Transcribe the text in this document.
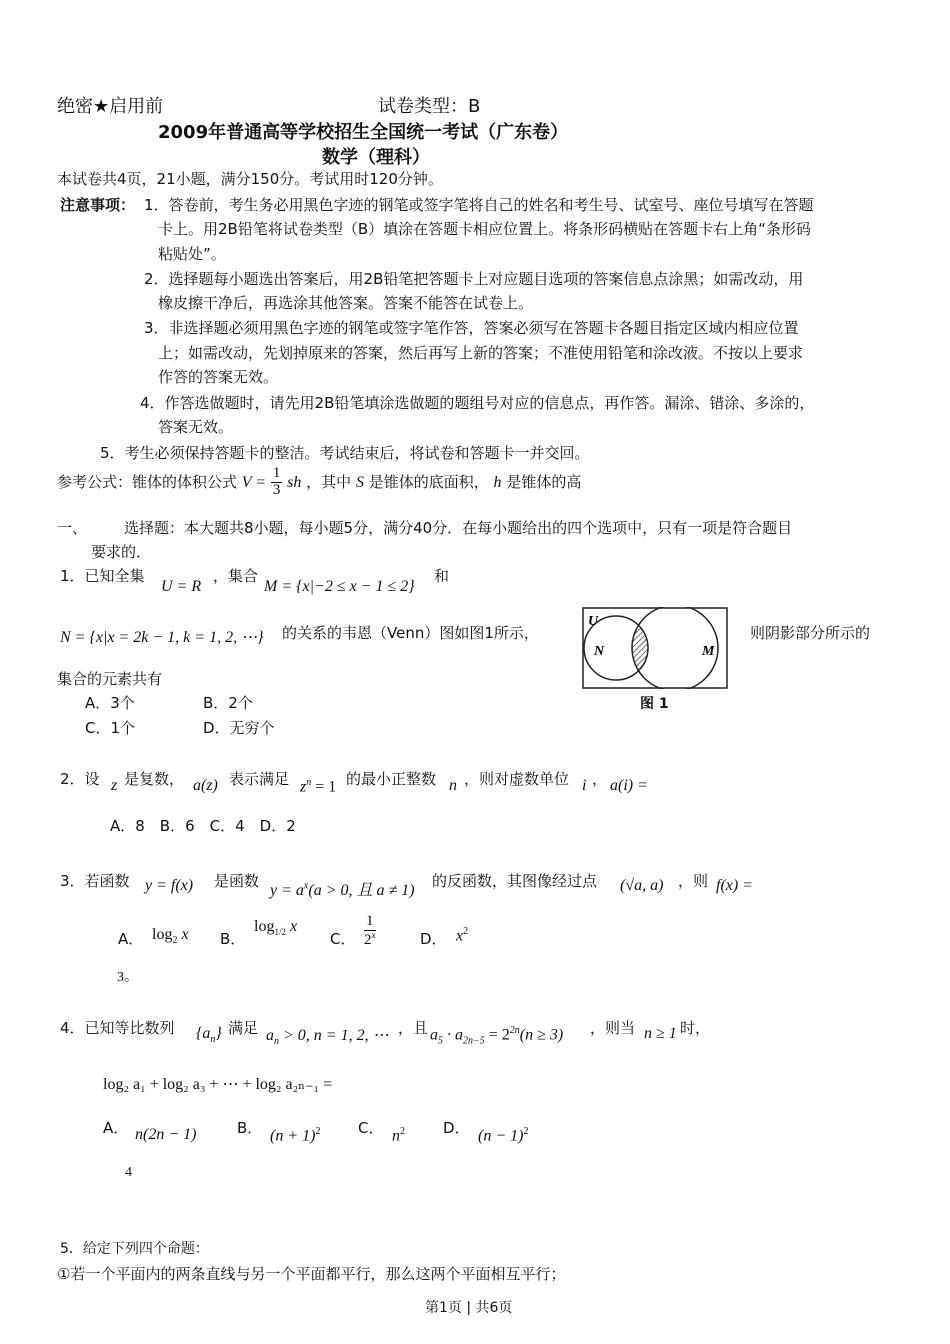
绝密★启用前	试卷类型：B
2009年普通高等学校招生全国统一考试（广东卷）
数学（理科）
本试卷共4页，21小题，满分150分。考试用时120分钟。
注意事项： 1．答卷前，考生务必用黑色字迹的钢笔或签字笔将自己的姓名和考生号、试室号、座位号填写在答题
卡上。用2B铅笔将试卷类型（B）填涂在答题卡相应位置上。将条形码横贴在答题卡右上角“条形码
粘贴处”。
2．选择题每小题选出答案后，用2B铅笔把答题卡上对应题目选项的答案信息点涂黑；如需改动，用
橡皮擦干净后，再选涂其他答案。答案不能答在试卷上。
3．非选择题必须用黑色字迹的钢笔或签字笔作答，答案必须写在答题卡各题目指定区域内相应位置
上；如需改动，先划掉原来的答案，然后再写上新的答案；不准使用铅笔和涂改液。不按以上要求
作答的答案无效。
4．作答选做题时，请先用2B铅笔填涂选做题的题组号对应的信息点，再作答。漏涂、错涂、多涂的，
答案无效。
5．考生必须保持答题卡的整洁。考试结束后，将试卷和答题卡一并交回。
参考公式：锥体的体积公式 $V = \frac{1}{3}$ sh ，其中 S 是锥体的底面积， h 是锥体的高
一、 选择题：本大题共8小题，每小题5分，满分40分．在每小题给出的四个选项中，只有一项是符合题目
要求的．
1．已知全集
U = R
，集合
M = {x|−2 ≤ x − 1 ≤ 2}
和
N = {x|x = 2k − 1, k = 1, 2, ⋯} 的关系的韦恩（Venn）图如图1所示，	则阴影部分所示的
集合的元素共有
A．3个	B．2个
C．1个	D．无穷个
U
N	M
图 1
2．设 z 是复数， a(z) 表示满足 $z^n = 1$ 的最小正整数 n ，则对虚数单位 i ， a(i) =
A．8　B．6　C．4　D．2
3．若函数 y = f(x) 是函数
$y = a^x(a > 0$, 且 a ≠ 1)
的反函数，其图像经过点 (√a, a) ，则 f(x) =
A． $\log_2 x$ B．
$\log_{1/2} x$
C． $\frac{1}{2^x}$	D． $x^2$
3。
4．已知等比数列 $\{a_n\}$ 满足 $a_n > 0$, n = 1, 2, ⋯ ，且 $a_5 \cdot a_{2n-5} = 2^{2n}(n \ge 3)$ ，则当 n ≥ 1 时，
log₂ a₁ + log₂ a₃ + ⋯ + log₂ a₂ₙ₋₁ =
A． n(2n − 1)	B． $(n + 1)^2$	C． $n^2$	D． $(n - 1)^2$
4
5．给定下列四个命题：
①若一个平面内的两条直线与另一个平面都平行，那么这两个平面相互平行；
第1页 | 共6页
